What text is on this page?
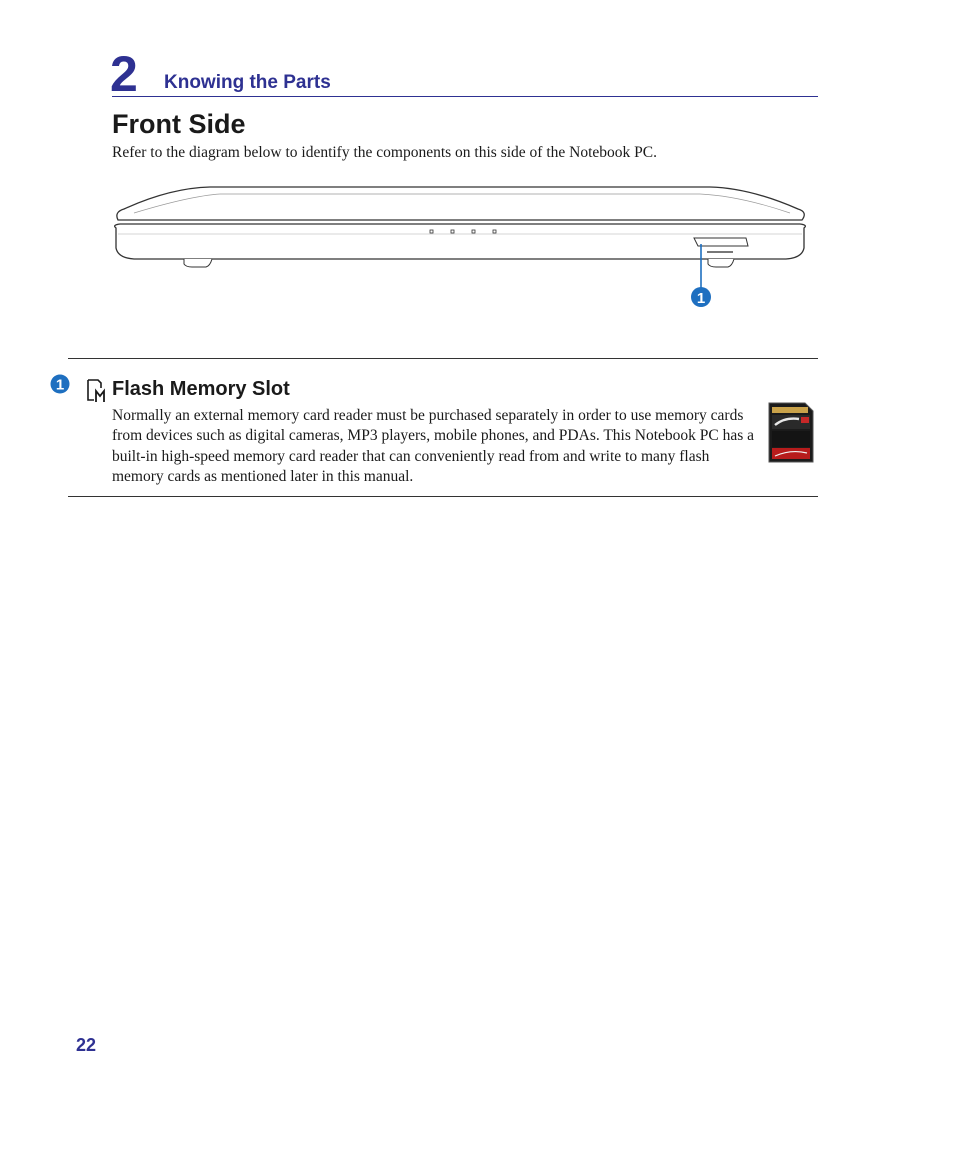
2 Knowing the Parts
Front Side
Refer to the diagram below to identify the components on this side of the Notebook PC.
1
1 Flash Memory Slot
Normally an external memory card reader must be purchased separately in order to use memory cards from devices such as digital cameras, MP3 players, mobile phones, and PDAs. This Notebook PC has a built-in high-speed memory card reader that can conveniently read from and write to many flash memory cards as mentioned later in this manual.
22
